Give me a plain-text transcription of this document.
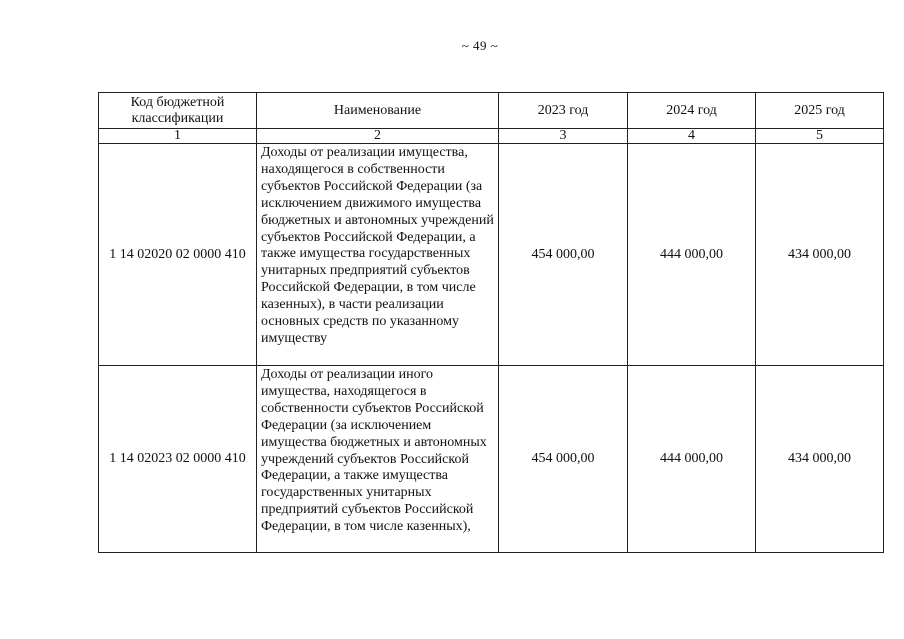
~ 49 ~
Код бюджетной классификации	Наименование	2023 год	2024 год	2025 год
1	2	3	4	5
1 14 02020 02 0000 410	Доходы от реализации имущества, находящегося в собственности субъектов Российской Федерации (за исключением движимого имущества бюджетных и автономных учреждений субъектов Российской Федерации, а также имущества государственных унитарных предприятий субъектов Российской Федерации, в том числе казенных), в части реализации основных средств по указанному имуществу	454 000,00	444 000,00	434 000,00
1 14 02023 02 0000 410	Доходы от реализации иного имущества, находящегося в собственности субъектов Российской Федерации (за исключением имущества бюджетных и автономных учреждений субъектов Российской Федерации, а также имущества государственных унитарных предприятий субъектов Российской Федерации, в том числе казенных),	454 000,00	444 000,00	434 000,00
